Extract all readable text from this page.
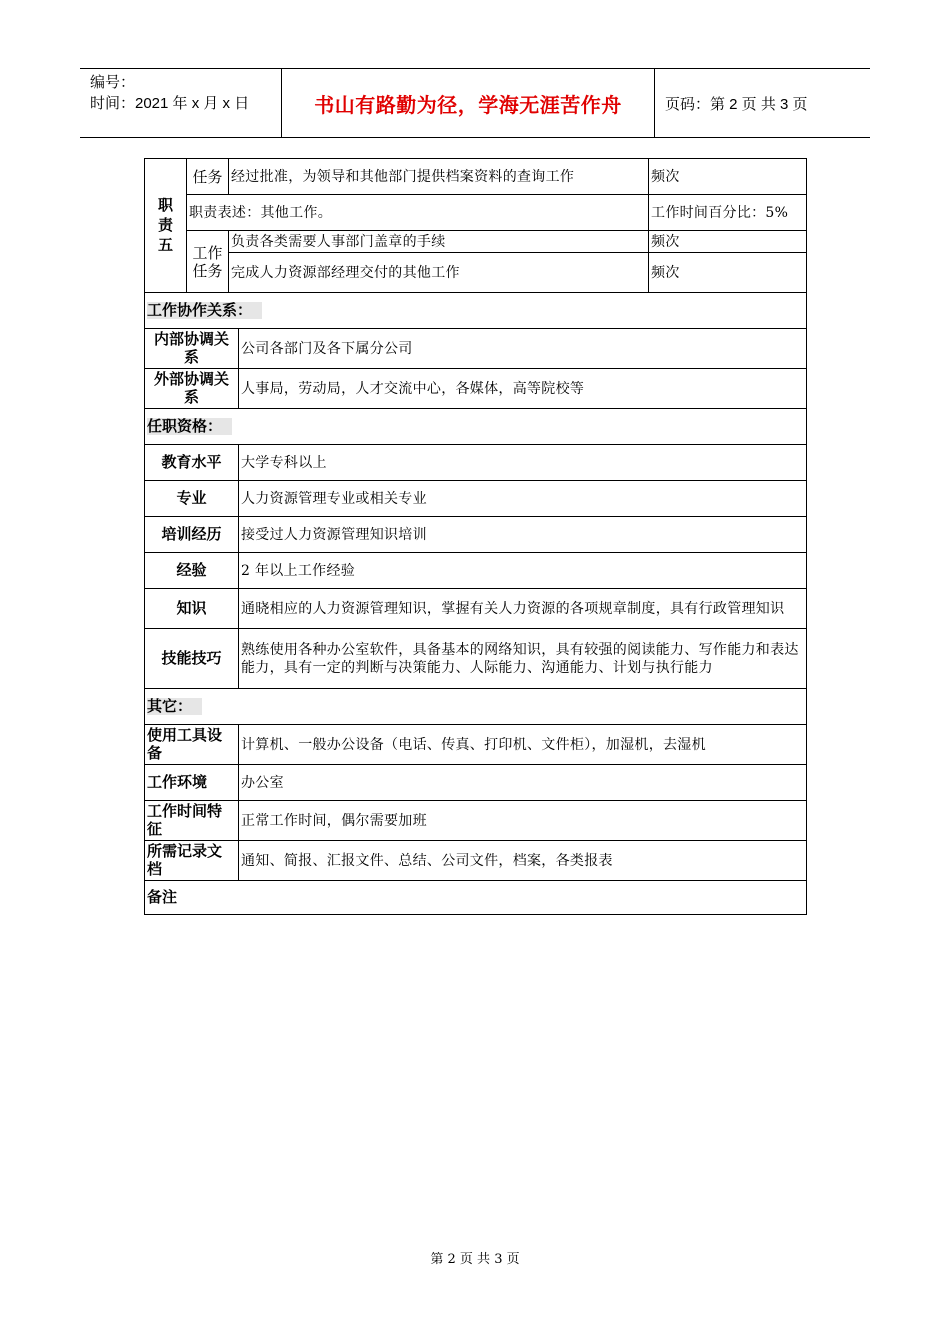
编号：
时间：2021 年 x 月 x 日	书山有路勤为径，学海无涯苦作舟	页码：第 2 页 共 3 页
职责五	任务	经过批准，为领导和其他部门提供档案资料的查询工作		频次
	职责表述：其他工作。			工作时间百分比：5%

	工作任务	负责各类需要人事部门盖章的手续		频次
		完成人力资源部经理交付的其他工作		频次
工作协作关系：				
内部协调关系			公司各部门及各下属分公司	
外部协调关系			人事局，劳动局，人才交流中心，各媒体，高等院校等	
任职资格：				
教育水平			大学专科以上	
专业			人力资源管理专业或相关专业	
培训经历			接受过人力资源管理知识培训	
经验			2 年以上工作经验	
知识			通晓相应的人力资源管理知识，掌握有关人力资源的各项规章制度，具有行政管理知识	
技能技巧			熟练使用各种办公室软件，具备基本的网络知识，具有较强的阅读能力、写作能力和表达能力，具有一定的判断与决策能力、人际能力、沟通能力、计划与执行能力	
其它：				
使用工具设备			计算机、一般办公设备（电话、传真、打印机、文件柜），加湿机，去湿机	
工作环境			办公室	
工作时间特征			正常工作时间，偶尔需要加班	
所需记录文档			通知、简报、汇报文件、总结、公司文件，档案，各类报表	
备注				
第 2 页 共 3 页
